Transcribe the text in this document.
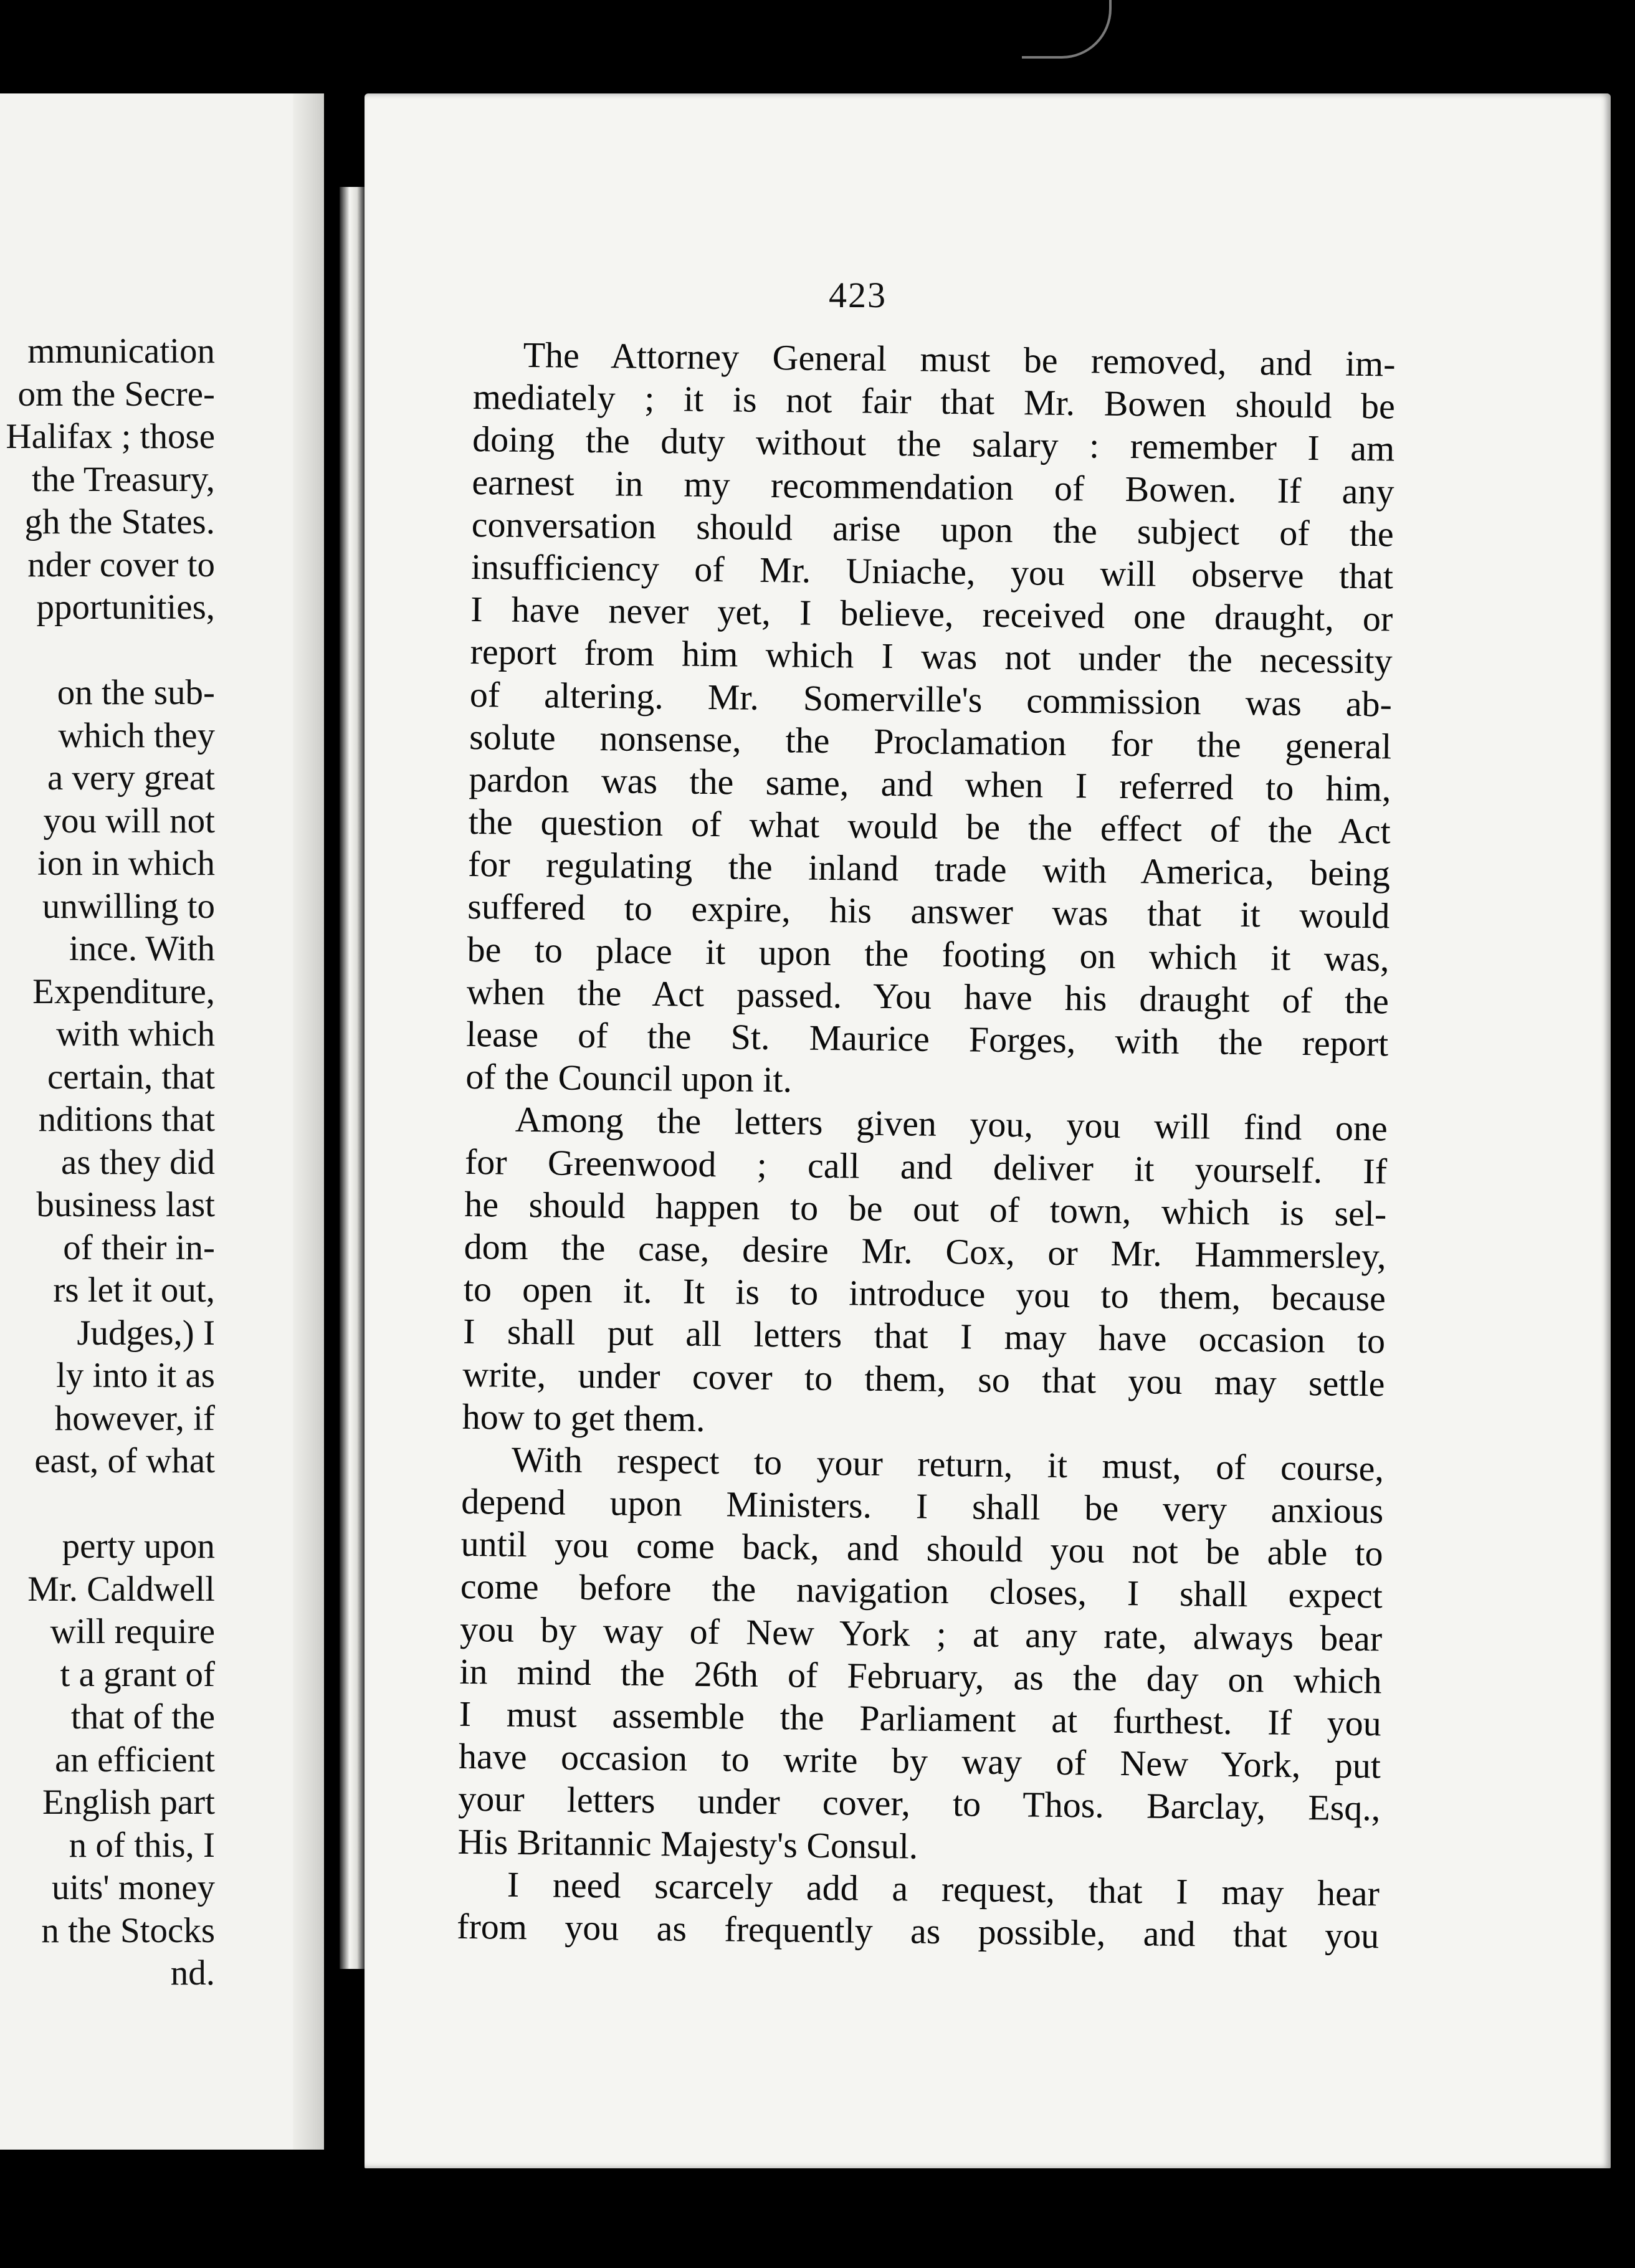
mmunication
om the Secre-
Halifax ; those
the Treasury,
gh the States.
nder cover to
pportunities,
on the sub-
which they
a very great
you will not
ion in which
unwilling to
ince. With
Expenditure,
with which
certain, that
nditions that
as they did
business last
of their in-
rs let it out,
Judges,) I
ly into it as
however, if
east, of what
perty upon
Mr. Caldwell
will require
t a grant of
that of the
an efficient
English part
n of this, I
uits' money
n the Stocks
nd.
423
The Attorney General must be removed, and im-
mediately ; it is not fair that Mr. Bowen should be
doing the duty without the salary : remember I am
earnest in my recommendation of Bowen. If any
conversation should arise upon the subject of the
insufficiency of Mr. Uniache, you will observe that
I have never yet, I believe, received one draught, or
report from him which I was not under the necessity
of altering. Mr. Somerville's commission was ab-
solute nonsense, the Proclamation for the general
pardon was the same, and when I referred to him,
the question of what would be the effect of the Act
for regulating the inland trade with America, being
suffered to expire, his answer was that it would
be to place it upon the footing on which it was,
when the Act passed. You have his draught of the
lease of the St. Maurice Forges, with the report
of the Council upon it.
Among the letters given you, you will find one
for Greenwood ; call and deliver it yourself. If
he should happen to be out of town, which is sel-
dom the case, desire Mr. Cox, or Mr. Hammersley,
to open it. It is to introduce you to them, because
I shall put all letters that I may have occasion to
write, under cover to them, so that you may settle
how to get them.
With respect to your return, it must, of course,
depend upon Ministers. I shall be very anxious
until you come back, and should you not be able to
come before the navigation closes, I shall expect
you by way of New York ; at any rate, always bear
in mind the 26th of February, as the day on which
I must assemble the Parliament at furthest. If you
have occasion to write by way of New York, put
your letters under cover, to Thos. Barclay, Esq.,
His Britannic Majesty's Consul.
I need scarcely add a request, that I may hear
from you as frequently as possible, and that you
